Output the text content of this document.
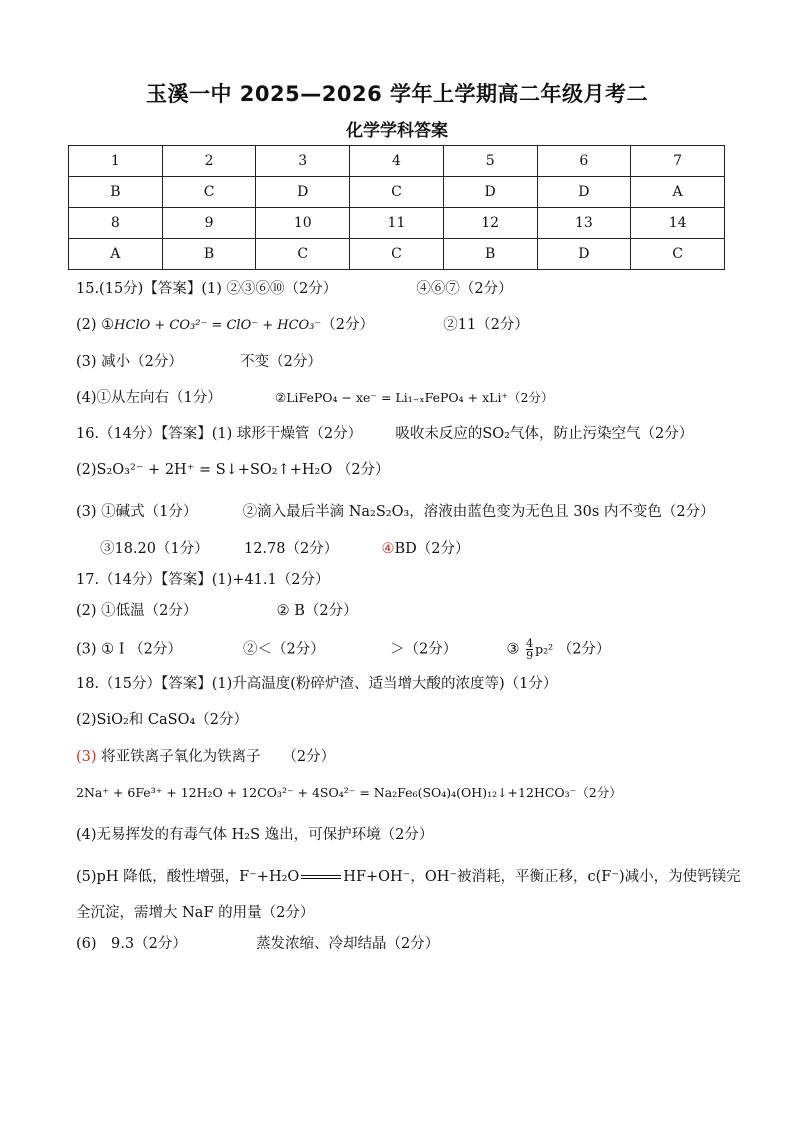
玉溪一中 2025—2026 学年上学期高二年级月考二
化学学科答案
1	2	3	4	5	6	7
B	C	D	C	D	D	A
8	9	10	11	12	13	14
A	B	C	C	B	D	C
15.(15分)【答案】(1) ②③⑥⑩（2分）	④⑥⑦（2分）
(2) ①HClO + CO₃²⁻ = ClO⁻ + HCO₃⁻（2分）	②11（2分）
(3) 减小（2分）	不变（2分）
(4)①从左向右（1分）	②LiFePO₄ − xe⁻ = Li₁₋ₓFePO₄ + xLi⁺（2分）
16.（14分）【答案】(1) 球形干燥管（2分） 吸收未反应的SO₂气体，防止污染空气（2分）
(2)S₂O₃²⁻ + 2H⁺ = S↓+SO₂↑+H₂O （2分）
(3) ①碱式（1分）	②滴入最后半滴 Na₂S₂O₃，溶液由蓝色变为无色且 30s 内不变色（2分）
③18.20（1分） 12.78（2分）	④BD（2分）
17.（14分）【答案】(1)+41.1（2分）
(2) ①低温（2分）	② B（2分）
(3) ① I （2分）	②＜（2分）	＞（2分）	③ $\frac{4}{9} p_2^2$ （2分）
18.（15分）【答案】(1)升高温度(粉碎炉渣、适当增大酸的浓度等)（1分）
(2)SiO₂和 CaSO₄（2分）
(3) 将亚铁离子氧化为铁离子　　（2分）
2Na⁺ + 6Fe³⁺ + 12H₂O + 12CO₃²⁻ + 4SO₄²⁻ = Na₂Fe₆(SO₄)₄(OH)₁₂↓+12HCO₃⁻（2分）
(4)无易挥发的有毒气体 H₂S 逸出，可保护环境（2分）
(5)pH 降低，酸性增强，F⁻+H₂O	HF+OH⁻，OH⁻被消耗，平衡正移，c(F⁻)减小，为使钙镁完
全沉淀，需增大 NaF 的用量（2分）
(6)　9.3（2分）	蒸发浓缩、冷却结晶（2分）
